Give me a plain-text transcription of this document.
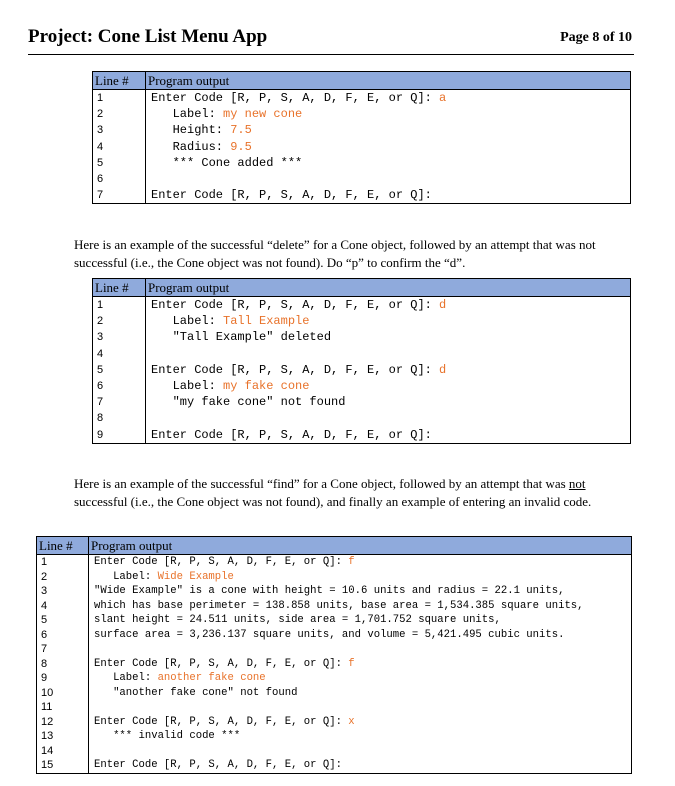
Project: Cone List Menu App	Page 8 of 10
Line #	Program output
1	Enter Code [R, P, S, A, D, F, E, or Q]: a
2	Label: my new cone
3	Height: 7.5
4	Radius: 9.5
5	*** Cone added ***
6	
7	Enter Code [R, P, S, A, D, F, E, or Q]:

Here is an example of the successful “delete” for a Cone object, followed by an attempt that was not successful (i.e., the Cone object was not found). Do “p” to confirm the “d”.

Line #	Program output
1	Enter Code [R, P, S, A, D, F, E, or Q]: d
2	Label: Tall Example
3	"Tall Example" deleted
4	
5	Enter Code [R, P, S, A, D, F, E, or Q]: d
6	Label: my fake cone
7	"my fake cone" not found
8	
9	Enter Code [R, P, S, A, D, F, E, or Q]:

Here is an example of the successful “find” for a Cone object, followed by an attempt that was not successful (i.e., the Cone object was not found), and finally an example of entering an invalid code.

Line #	Program output
1	Enter Code [R, P, S, A, D, F, E, or Q]: f
2	Label: Wide Example
3	"Wide Example" is a cone with height = 10.6 units and radius = 22.1 units,
4	which has base perimeter = 138.858 units, base area = 1,534.385 square units,
5	slant height = 24.511 units, side area = 1,701.752 square units,
6	surface area = 3,236.137 square units, and volume = 5,421.495 cubic units.
7	
8	Enter Code [R, P, S, A, D, F, E, or Q]: f
9	Label: another fake cone
10	"another fake cone" not found
11	
12	Enter Code [R, P, S, A, D, F, E, or Q]: x
13	*** invalid code ***
14	
15	Enter Code [R, P, S, A, D, F, E, or Q]:
